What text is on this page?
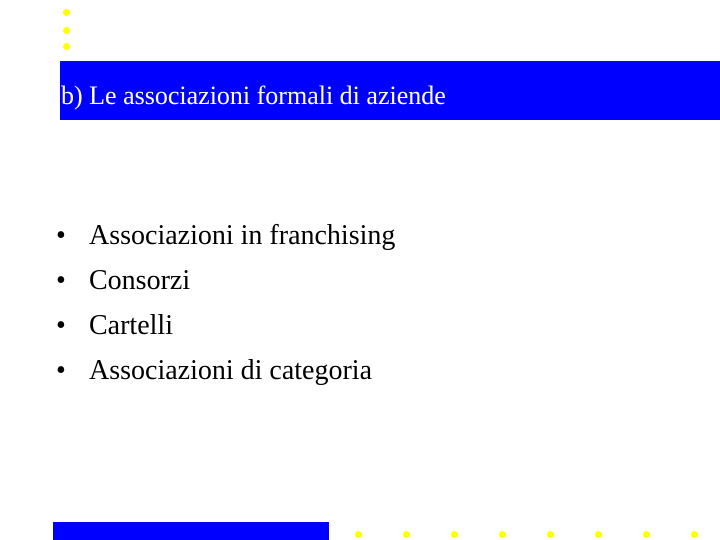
b) Le associazioni formali di aziende
• Associazioni in franchising
• Consorzi
• Cartelli
• Associazioni di categoria
